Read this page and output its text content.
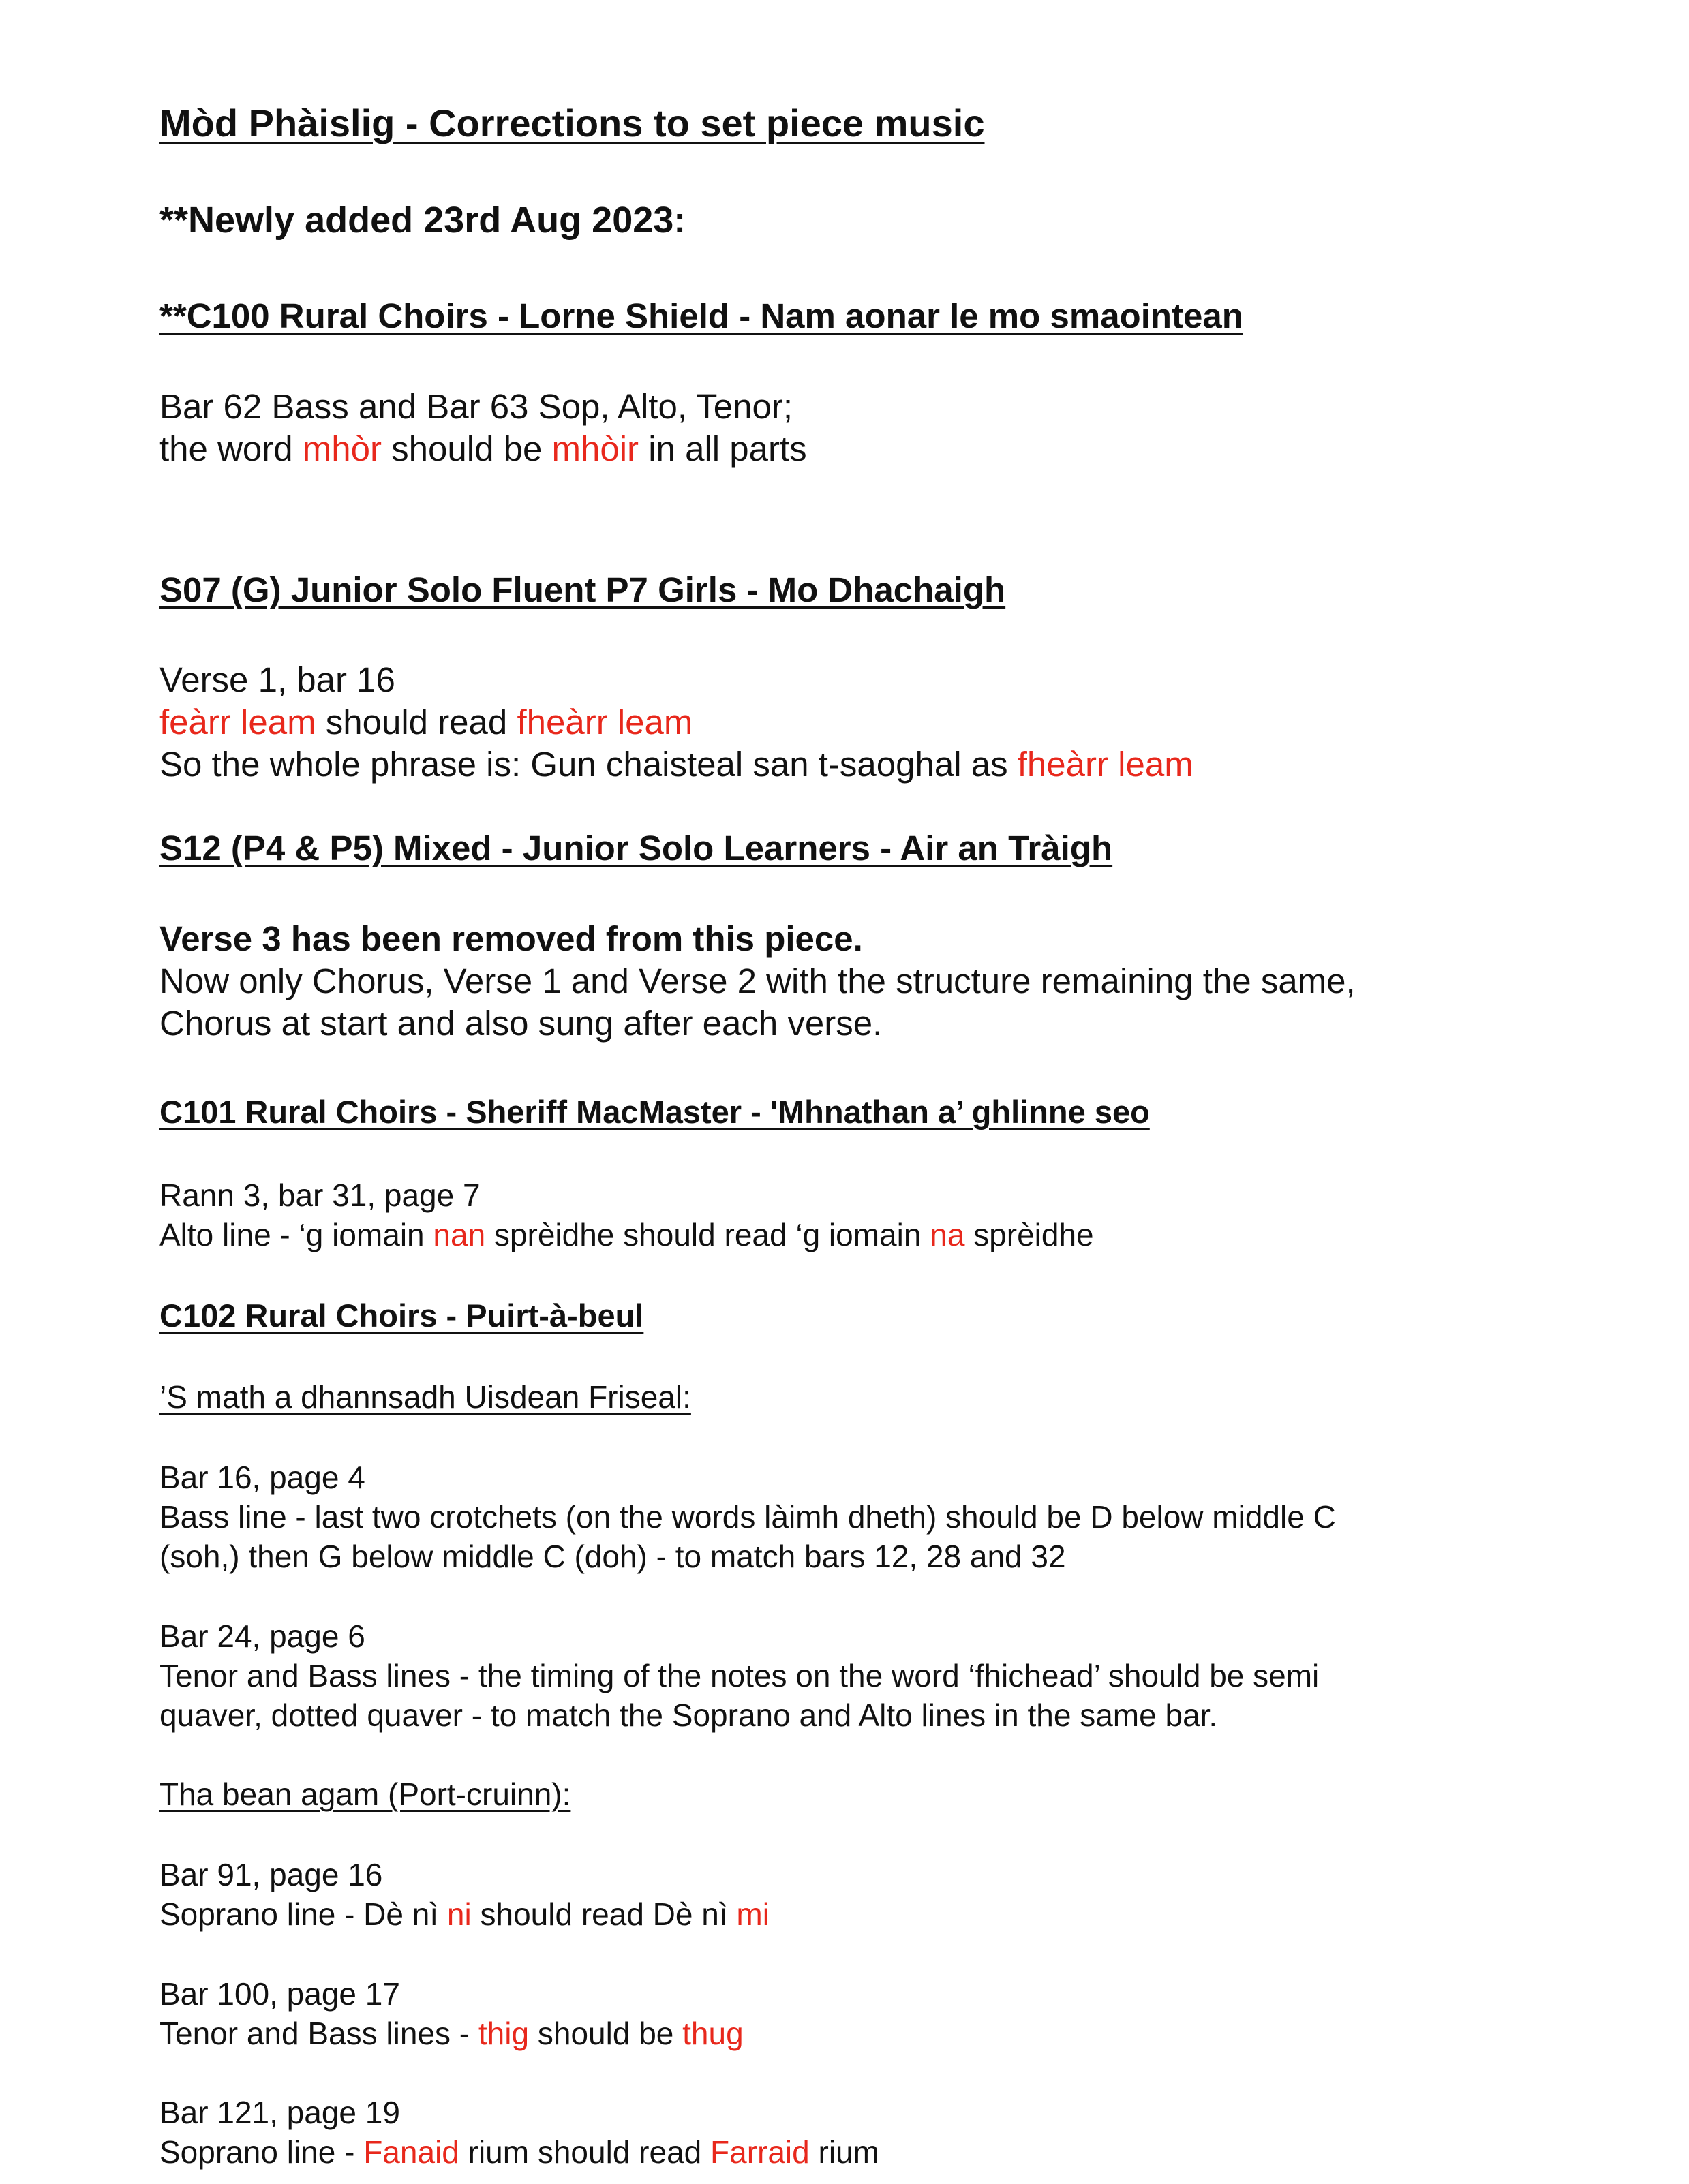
Mòd Phàislig - Corrections to set piece music
**Newly added 23rd Aug 2023:
**C100 Rural Choirs - Lorne Shield - Nam aonar le mo smaointean
Bar 62 Bass and Bar 63 Sop, Alto, Tenor;
the word mhòr should be mhòir in all parts
S07 (G) Junior Solo Fluent P7 Girls - Mo Dhachaigh
Verse 1, bar 16
feàrr leam should read fheàrr leam
So the whole phrase is: Gun chaisteal san t-saoghal as fheàrr leam
S12 (P4 & P5) Mixed - Junior Solo Learners - Air an Tràigh
Verse 3 has been removed from this piece.
Now only Chorus, Verse 1 and Verse 2 with the structure remaining the same,
Chorus at start and also sung after each verse.
C101 Rural Choirs - Sheriff MacMaster - 'Mhnathan a’ ghlinne seo
Rann 3, bar 31, page 7
Alto line - ‘g iomain nan sprèidhe should read ‘g iomain na sprèidhe
C102 Rural Choirs - Puirt-à-beul
’S math a dhannsadh Uisdean Friseal:
Bar 16, page 4
Bass line - last two crotchets (on the words làimh dheth) should be D below middle C
(soh,) then G below middle C (doh) - to match bars 12, 28 and 32
Bar 24, page 6
Tenor and Bass lines - the timing of the notes on the word ‘fhichead’ should be semi
quaver, dotted quaver - to match the Soprano and Alto lines in the same bar.
Tha bean agam (Port-cruinn):
Bar 91, page 16
Soprano line - Dè nì ni should read Dè nì mi
Bar 100, page 17
Tenor and Bass lines - thig should be thug
Bar 121, page 19
Soprano line - Fanaid rium should read Farraid rium
